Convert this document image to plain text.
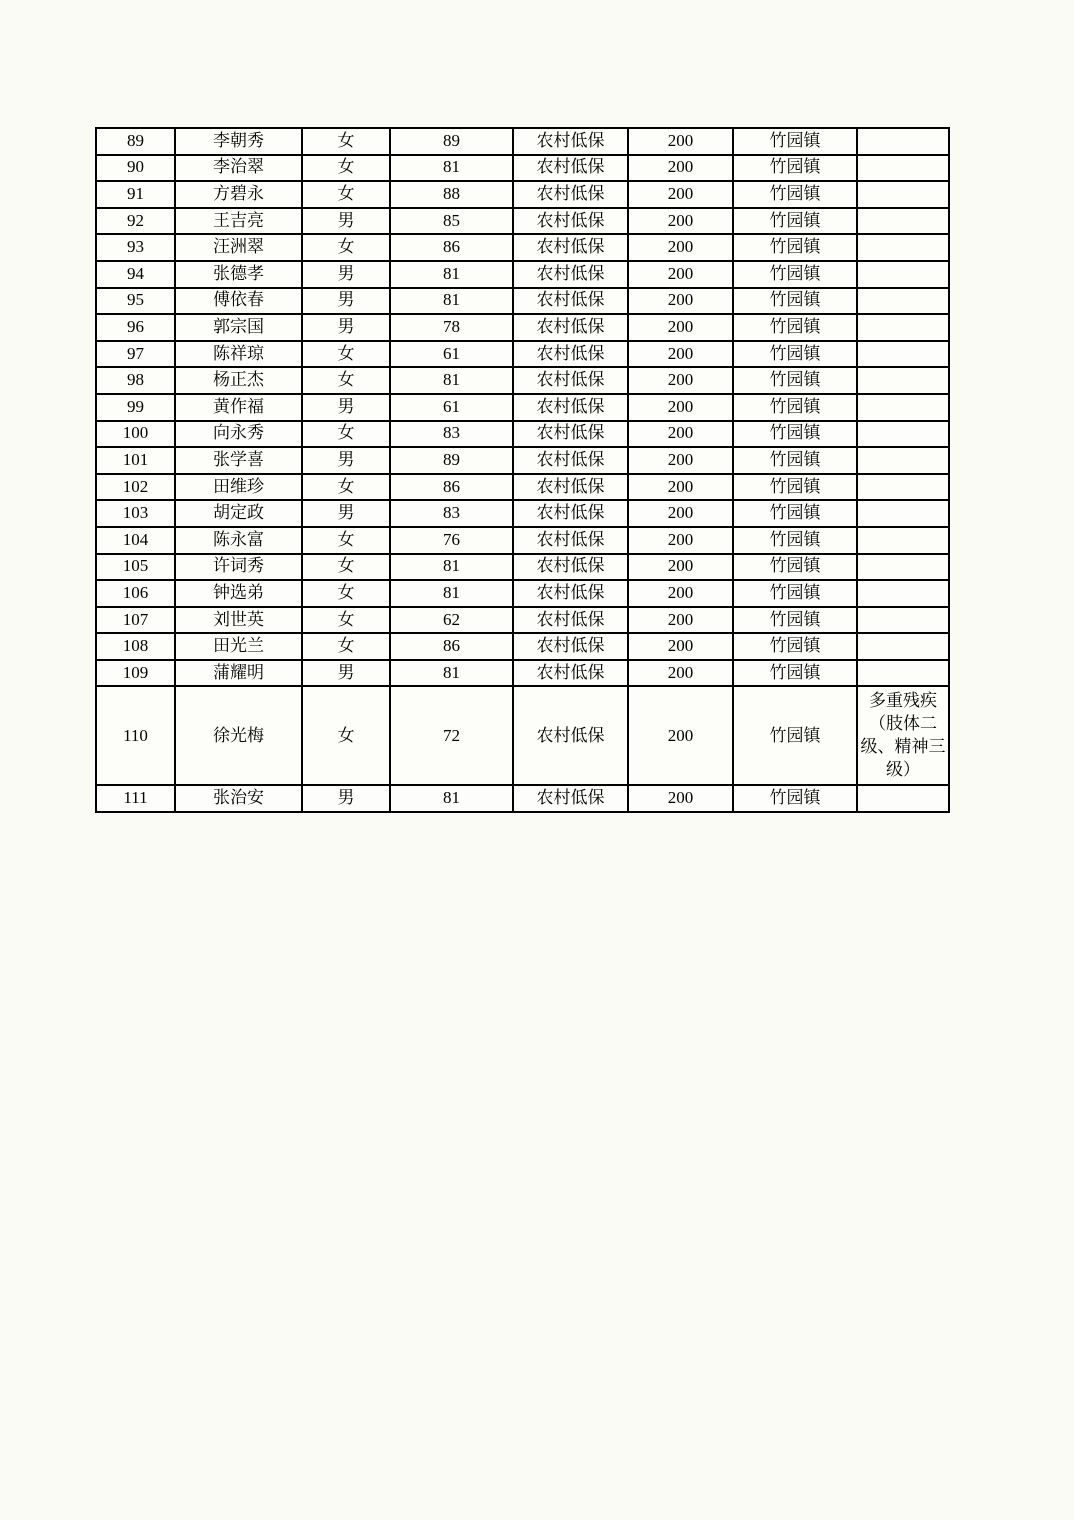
89	李朝秀	女	89	农村低保	200	竹园镇	
90	李治翠	女	81	农村低保	200	竹园镇	
91	方碧永	女	88	农村低保	200	竹园镇	
92	王吉亮	男	85	农村低保	200	竹园镇	
93	汪洲翠	女	86	农村低保	200	竹园镇	
94	张德孝	男	81	农村低保	200	竹园镇	
95	傅依春	男	81	农村低保	200	竹园镇	
96	郭宗国	男	78	农村低保	200	竹园镇	
97	陈祥琼	女	61	农村低保	200	竹园镇	
98	杨正杰	女	81	农村低保	200	竹园镇	
99	黄作福	男	61	农村低保	200	竹园镇	
100	向永秀	女	83	农村低保	200	竹园镇	
101	张学喜	男	89	农村低保	200	竹园镇	
102	田维珍	女	86	农村低保	200	竹园镇	
103	胡定政	男	83	农村低保	200	竹园镇	
104	陈永富	女	76	农村低保	200	竹园镇	
105	许词秀	女	81	农村低保	200	竹园镇	
106	钟选弟	女	81	农村低保	200	竹园镇	
107	刘世英	女	62	农村低保	200	竹园镇	
108	田光兰	女	86	农村低保	200	竹园镇	
109	蒲耀明	男	81	农村低保	200	竹园镇	
110	徐光梅	女	72	农村低保	200	竹园镇	多重残疾（肢体二级、精神三级）
111	张治安	男	81	农村低保	200	竹园镇	
